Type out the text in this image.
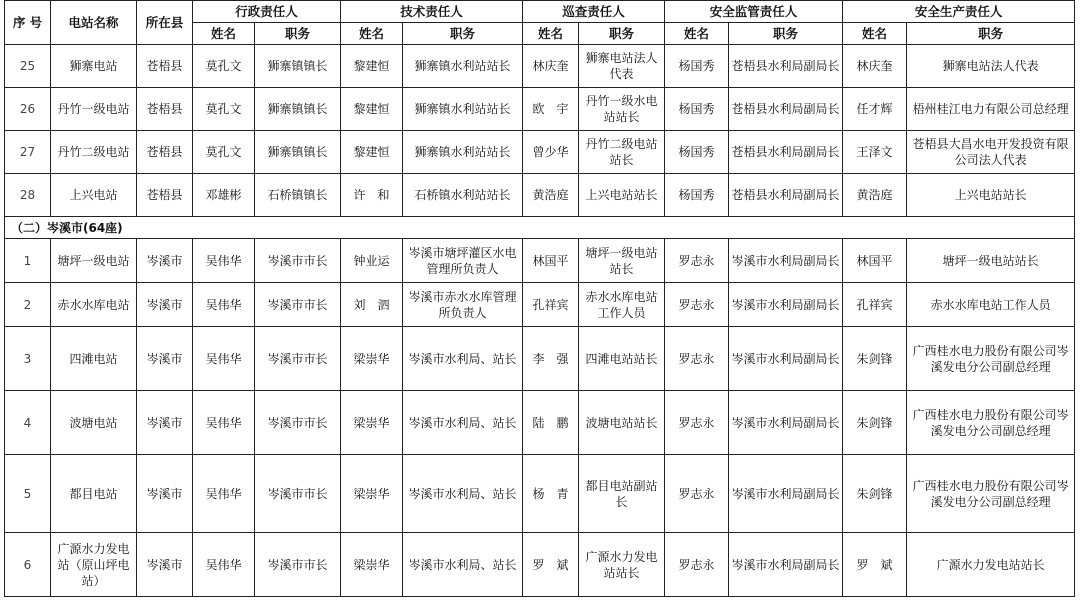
序 号	电站名称	所在县	行政责任人		技术责任人		巡查责任人		安全监管责任人		安全生产责任人	
			姓名	职务	姓名	职务	姓名	职务	姓名	职务	姓名	职务
25	狮寨电站	苍梧县	莫孔文	狮寨镇镇长	黎建恒	狮寨镇水利站站长	林庆奎	狮寨电站法人代表	杨国秀	苍梧县水利局副局长	林庆奎	狮寨电站法人代表
26	丹竹一级电站	苍梧县	莫孔文	狮寨镇镇长	黎建恒	狮寨镇水利站站长	欧　宇	丹竹一级水电站站长	杨国秀	苍梧县水利局副局长	任才辉	梧州桂江电力有限公司总经理
27	丹竹二级电站	苍梧县	莫孔文	狮寨镇镇长	黎建恒	狮寨镇水利站站长	曾少华	丹竹二级电站站长	杨国秀	苍梧县水利局副局长	王泽文	苍梧县大昌水电开发投资有限公司法人代表
28	上兴电站	苍梧县	邓雄彬	石桥镇镇长	许　和	石桥镇水利站站长	黄浩庭	上兴电站站长	杨国秀	苍梧县水利局副局长	黄浩庭	上兴电站站长
（二）岑溪市(64座)												
1	塘坪一级电站	岑溪市	吴伟华	岑溪市市长	钟业运	岑溪市塘坪灌区水电管理所负责人	林国平	塘坪一级电站站长	罗志永	岑溪市水利局副局长	林国平	塘坪一级电站站长
2	赤水水库电站	岑溪市	吴伟华	岑溪市市长	刘　泗	岑溪市赤水水库管理所负责人	孔祥宾	赤水水库电站工作人员	罗志永	岑溪市水利局副局长	孔祥宾	赤水水库电站工作人员
3	四滩电站	岑溪市	吴伟华	岑溪市市长	梁崇华	岑溪市水利局、站长	李　强	四滩电站站长	罗志永	岑溪市水利局副局长	朱剑锋	广西桂水电力股份有限公司岑溪发电分公司副总经理
4	波塘电站	岑溪市	吴伟华	岑溪市市长	梁崇华	岑溪市水利局、站长	陆　鹏	波塘电站站长	罗志永	岑溪市水利局副局长	朱剑锋	广西桂水电力股份有限公司岑溪发电分公司副总经理
5	都目电站	岑溪市	吴伟华	岑溪市市长	梁崇华	岑溪市水利局、站长	杨　青	都目电站副站长	罗志永	岑溪市水利局副局长	朱剑锋	广西桂水电力股份有限公司岑溪发电分公司副总经理
6	广源水力发电站（原山坪电站）	岑溪市	吴伟华	岑溪市市长	梁崇华	岑溪市水利局、站长	罗　斌	广源水力发电站站长	罗志永	岑溪市水利局副局长	罗　斌	广源水力发电站站长
